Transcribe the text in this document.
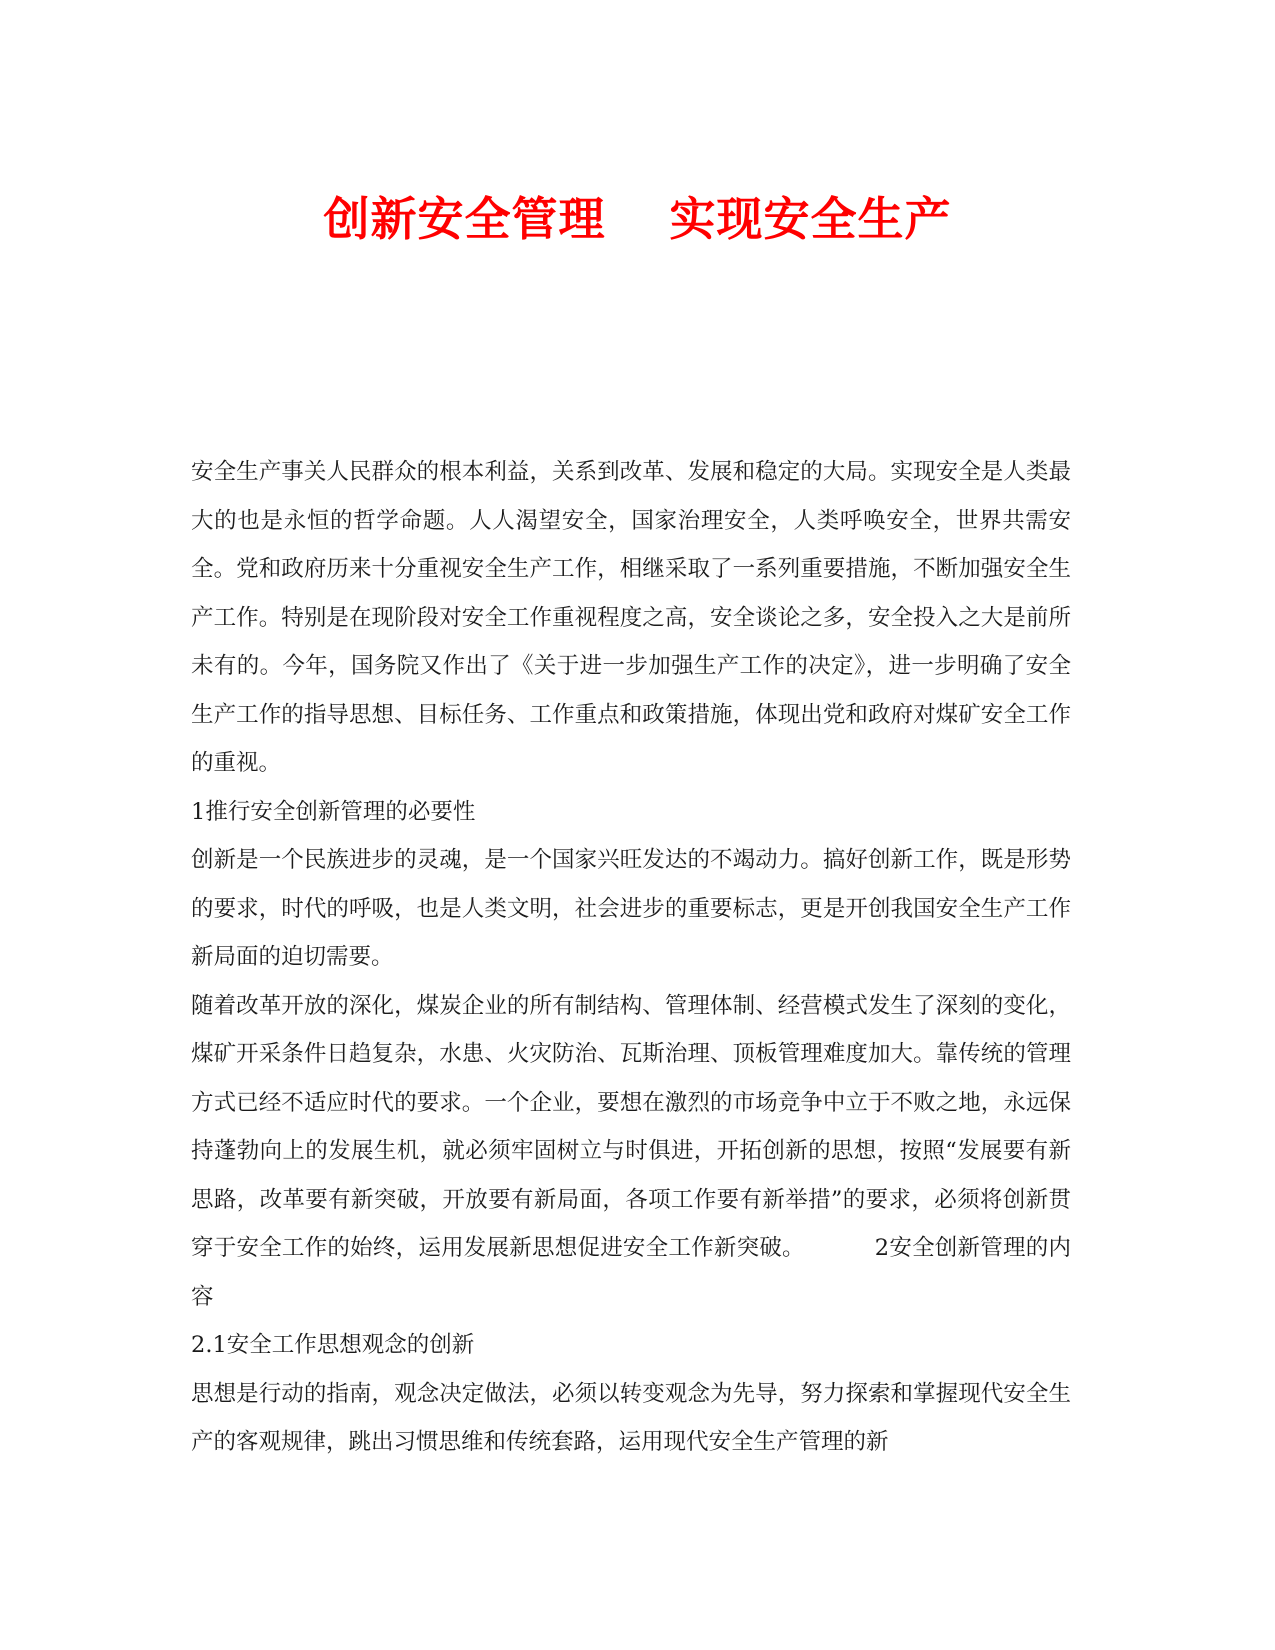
创新安全管理　 实现安全生产

安全生产事关人民群众的根本利益，关系到改革、发展和稳定的大局。实现安全是人类最大的也是永恒的哲学命题。人人渴望安全，国家治理安全，人类呼唤安全，世界共需安全。党和政府历来十分重视安全生产工作，相继采取了一系列重要措施，不断加强安全生产工作。特别是在现阶段对安全工作重视程度之高，安全谈论之多，安全投入之大是前所未有的。今年，国务院又作出了《关于进一步加强生产工作的决定》，进一步明确了安全生产工作的指导思想、目标任务、工作重点和政策措施，体现出党和政府对煤矿安全工作的重视。

1推行安全创新管理的必要性

创新是一个民族进步的灵魂，是一个国家兴旺发达的不竭动力。搞好创新工作，既是形势的要求，时代的呼吸，也是人类文明，社会进步的重要标志，更是开创我国安全生产工作新局面的迫切需要。

随着改革开放的深化，煤炭企业的所有制结构、管理体制、经营模式发生了深刻的变化，煤矿开采条件日趋复杂，水患、火灾防治、瓦斯治理、顶板管理难度加大。靠传统的管理方式已经不适应时代的要求。一个企业，要想在激烈的市场竞争中立于不败之地，永远保持蓬勃向上的发展生机，就必须牢固树立与时俱进，开拓创新的思想，按照“发展要有新思路，改革要有新突破，开放要有新局面，各项工作要有新举措”的要求，必须将创新贯穿于安全工作的始终，运用发展新思想促进安全工作新突破。	2安全创新管理的内容

2.1安全工作思想观念的创新

思想是行动的指南，观念决定做法，必须以转变观念为先导，努力探索和掌握现代安全生产的客观规律，跳出习惯思维和传统套路，运用现代安全生产管理的新
